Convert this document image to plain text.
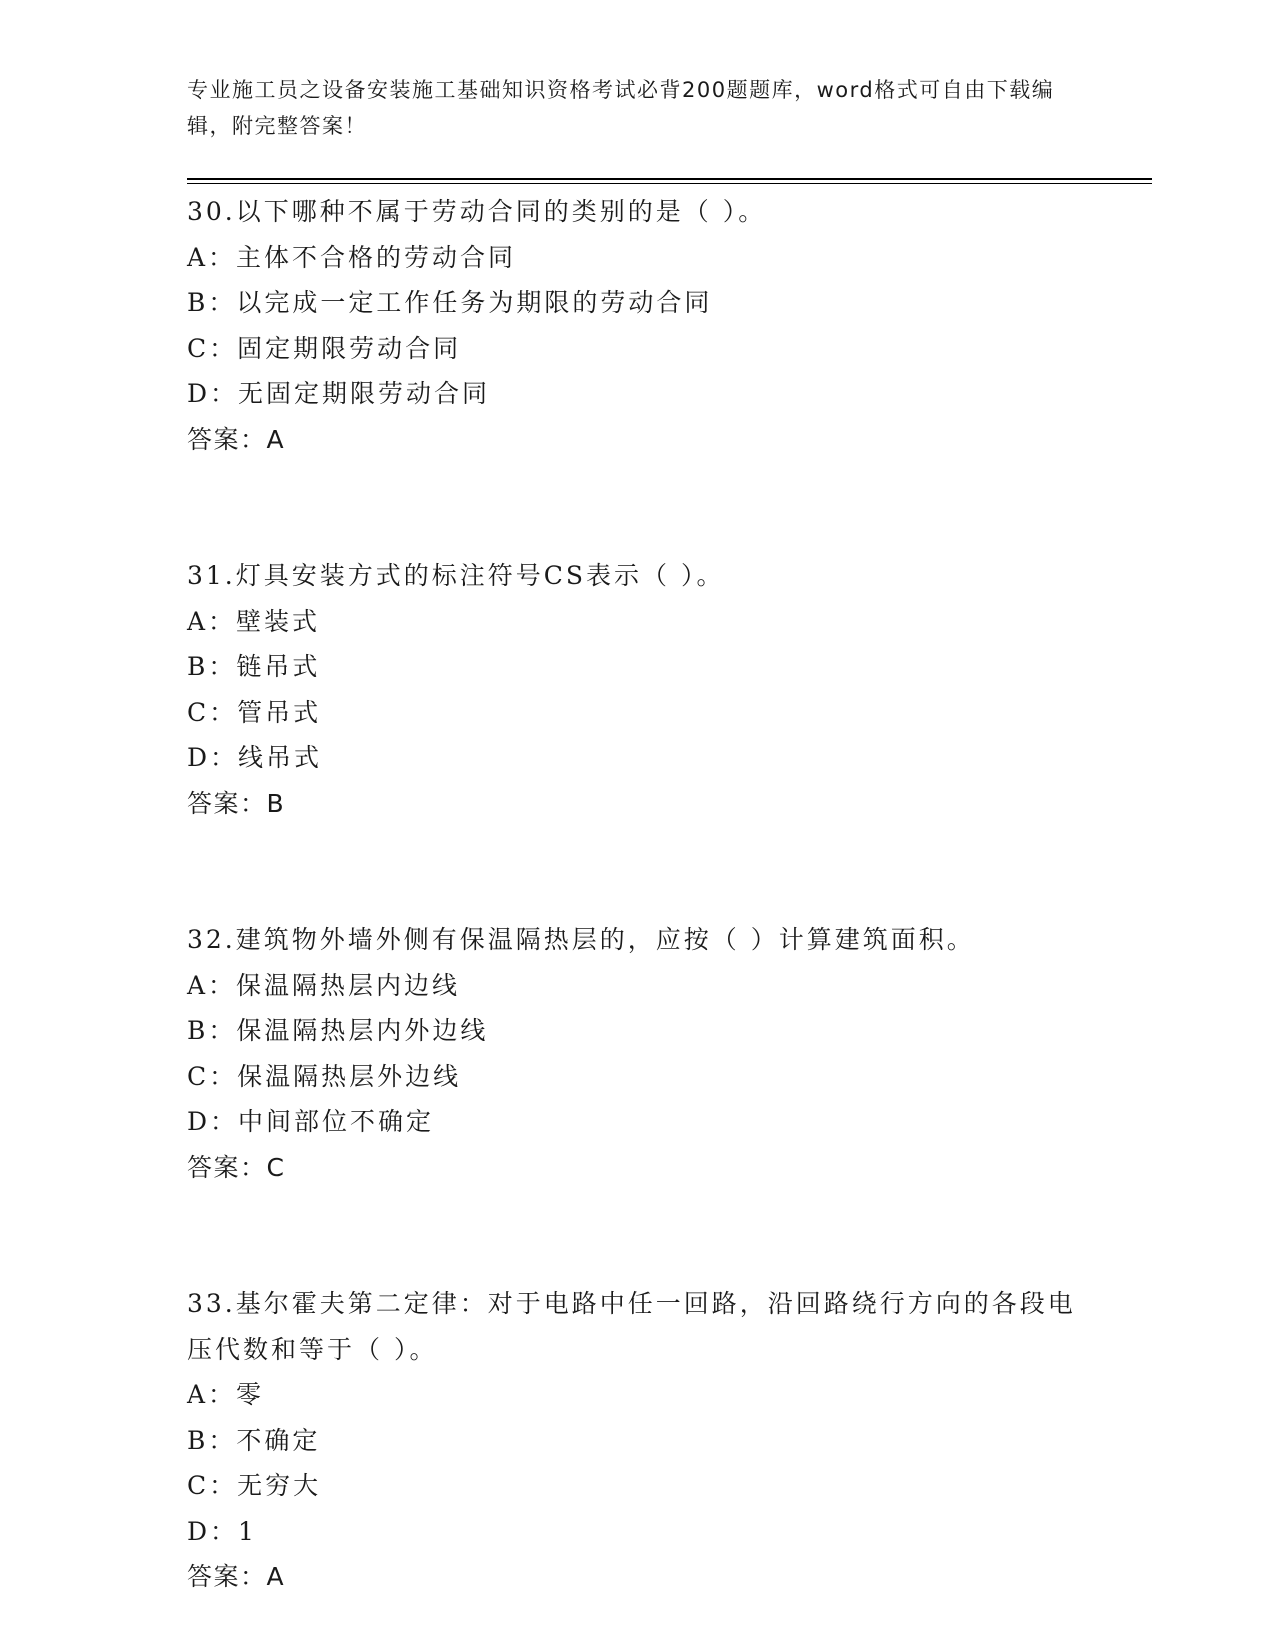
专业施工员之设备安装施工基础知识资格考试必背200题题库，word格式可自由下载编辑，附完整答案！

30.以下哪种不属于劳动合同的类别的是（ ）。

A：主体不合格的劳动合同

B：以完成一定工作任务为期限的劳动合同

C：固定期限劳动合同

D：无固定期限劳动合同

答案：A

31.灯具安装方式的标注符号CS表示（ ）。

A：壁装式

B：链吊式

C：管吊式

D：线吊式

答案：B

32.建筑物外墙外侧有保温隔热层的，应按（ ）计算建筑面积。

A：保温隔热层内边线

B：保温隔热层内外边线

C：保温隔热层外边线

D：中间部位不确定

答案：C

33.基尔霍夫第二定律：对于电路中任一回路，沿回路绕行方向的各段电压代数和等于（ ）。

A：零

B：不确定

C：无穷大

D：1

答案：A
